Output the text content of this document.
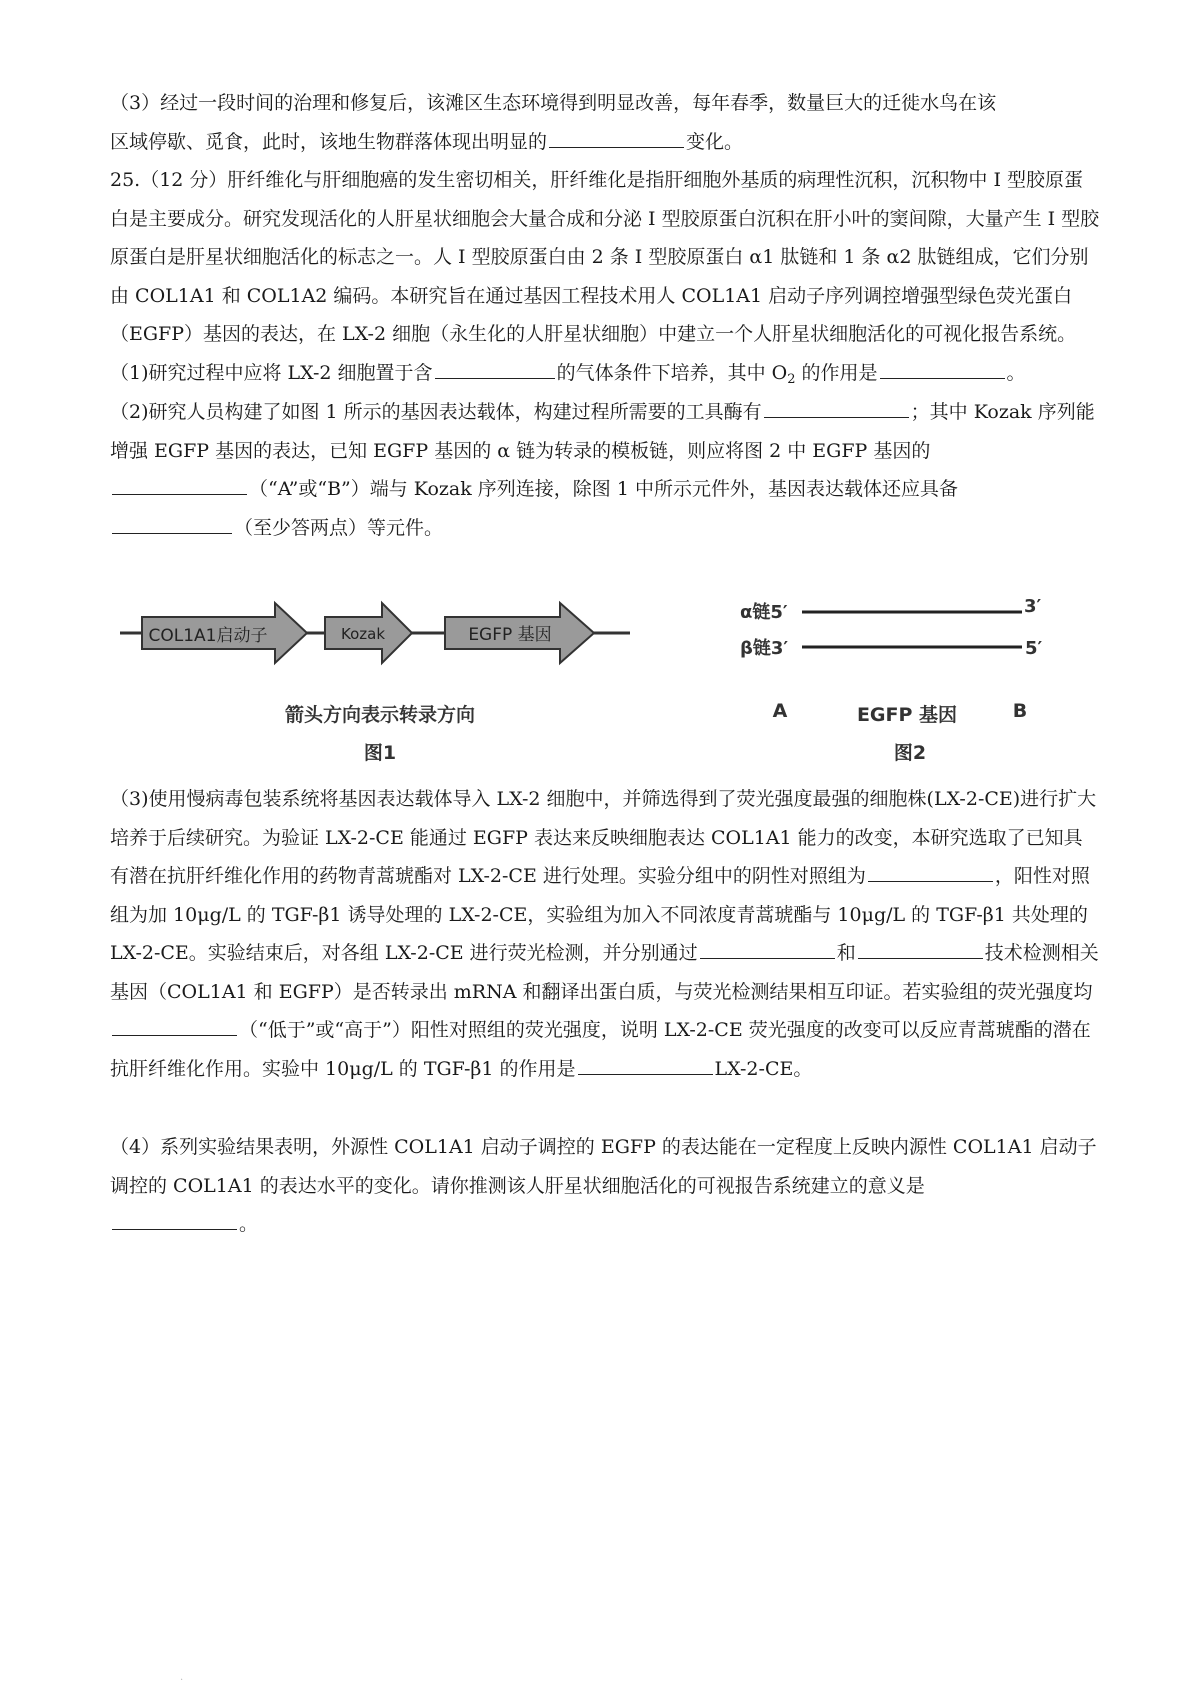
（3）经过一段时间的治理和修复后，该滩区生态环境得到明显改善，每年春季，数量巨大的迁徙水鸟在该
区域停歇、觅食，此时，该地生物群落体现出明显的	变化。

25.（12 分）肝纤维化与肝细胞癌的发生密切相关，肝纤维化是指肝细胞外基质的病理性沉积，沉积物中 I 型胶原蛋白是主要成分。研究发现活化的人肝星状细胞会大量合成和分泌 I 型胶原蛋白沉积在肝小叶的窦间隙，大量产生 I 型胶原蛋白是肝星状细胞活化的标志之一。人 I 型胶原蛋白由 2 条 I 型胶原蛋白 α1 肽链和 1 条 α2 肽链组成，它们分别由 COL1A1 和 COL1A2 编码。本研究旨在通过基因工程技术用人 COL1A1 启动子序列调控增强型绿色荧光蛋白（EGFP）基因的表达，在 LX-2 细胞（永生化的人肝星状细胞）中建立一个人肝星状细胞活化的可视化报告系统。

（1)研究过程中应将 LX-2 细胞置于含	的气体条件下培养，其中 $O_2$ 的作用是	。

（2)研究人员构建了如图 1 所示的基因表达载体，构建过程所需要的工具酶有	；其中 Kozak 序列能增强 EGFP 基因的表达，已知 EGFP 基因的 α 链为转录的模板链，则应将图 2 中 EGFP 基因的
（“A”或“B”）端与 Kozak 序列连接，除图 1 中所示元件外，基因表达载体还应具备
（至少答两点）等元件。

COL1A1启动子	Kozak	EGFP 基因
箭头方向表示转录方向
图1
α链5′	3′
β链3′	5′
A	EGFP 基因	B
图2

（3)使用慢病毒包装系统将基因表达载体导入 LX-2 细胞中，并筛选得到了荧光强度最强的细胞株(LX-2-CE)进行扩大培养于后续研究。为验证 LX-2-CE 能通过 EGFP 表达来反映细胞表达 COL1A1 能力的改变，本研究选取了已知具有潜在抗肝纤维化作用的药物青蒿琥酯对 LX-2-CE 进行处理。实验分组中的阴性对照组为	，阳性对照组为加 10μg/L 的 TGF-β1 诱导处理的 LX-2-CE，实验组为加入不同浓度青蒿琥酯与 10μg/L 的 TGF-β1 共处理的 LX-2-CE。实验结束后，对各组 LX-2-CE 进行荧光检测，并分别通过	和	技术检测相关基因（COL1A1 和 EGFP）是否转录出 mRNA 和翻译出蛋白质，与荧光检测结果相互印证。若实验组的荧光强度均（“低于”或“高于”）阳性对照组的荧光强度，说明 LX-2-CE 荧光强度的改变可以反应青蒿琥酯的潜在抗肝纤维化作用。实验中 10μg/L 的 TGF-β1 的作用是	LX-2-CE。

（4）系列实验结果表明，外源性 COL1A1 启动子调控的 EGFP 的表达能在一定程度上反映内源性 COL1A1 启动子调控的 COL1A1 的表达水平的变化。请你推测该人肝星状细胞活化的可视报告系统建立的意义是
。

.
